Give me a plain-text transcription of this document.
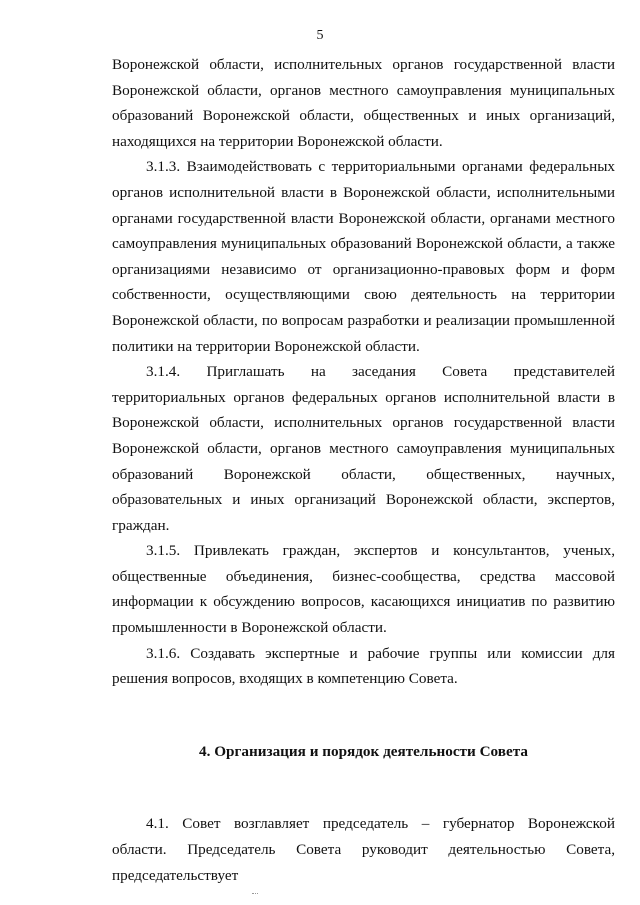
5

Воронежской области, исполнительных органов государственной власти Воронежской области, органов местного самоуправления муниципальных образований Воронежской области, общественных и иных организаций, находящихся на территории Воронежской области.

3.1.3. Взаимодействовать с территориальными органами федеральных органов исполнительной власти в Воронежской области, исполнительными органами государственной власти Воронежской области, органами местного самоуправления муниципальных образований Воронежской области, а также организациями независимо от организационно-правовых форм и форм собственности, осуществляющими свою деятельность на территории Воронежской области, по вопросам разработки и реализации промышленной политики на территории Воронежской области.

3.1.4. Приглашать на заседания Совета представителей территориальных органов федеральных органов исполнительной власти в Воронежской области, исполнительных органов государственной власти Воронежской области, органов местного самоуправления муниципальных образований Воронежской области, общественных, научных, образовательных и иных организаций Воронежской области, экспертов, граждан.

3.1.5. Привлекать граждан, экспертов и консультантов, ученых, общественные объединения, бизнес-сообщества, средства массовой информации к обсуждению вопросов, касающихся инициатив по развитию промышленности в Воронежской области.

3.1.6. Создавать экспертные и рабочие группы или комиссии для решения вопросов, входящих в компетенцию Совета.

4. Организация и порядок деятельности Совета

4.1. Совет возглавляет председатель – губернатор Воронежской области. Председатель Совета руководит деятельностью Совета, председательствует
